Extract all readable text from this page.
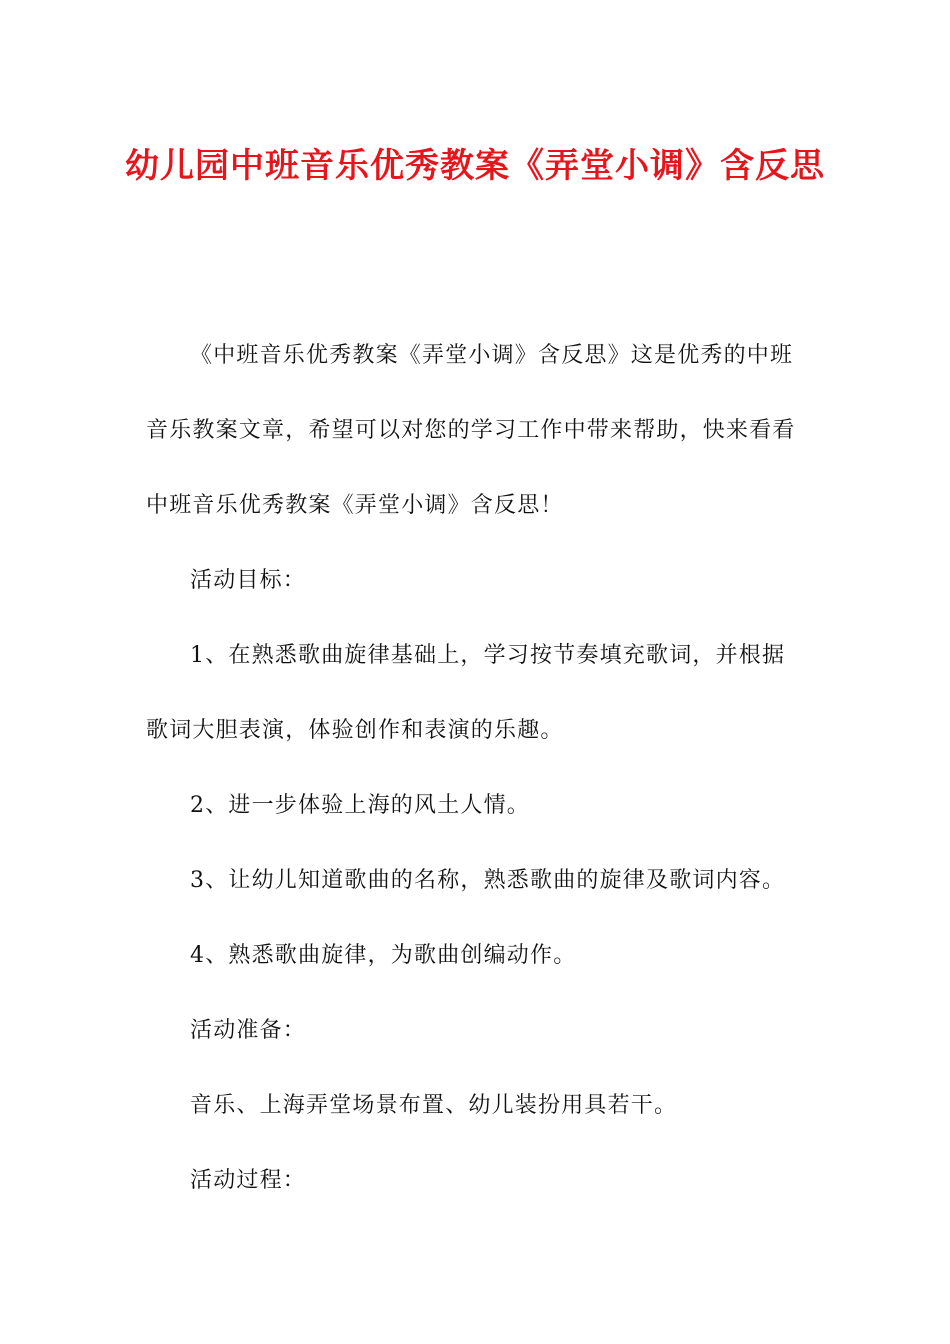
幼儿园中班音乐优秀教案《弄堂小调》含反思

《中班音乐优秀教案《弄堂小调》含反思》这是优秀的中班音乐教案文章，希望可以对您的学习工作中带来帮助，快来看看中班音乐优秀教案《弄堂小调》含反思！

活动目标：

1、在熟悉歌曲旋律基础上，学习按节奏填充歌词，并根据歌词大胆表演，体验创作和表演的乐趣。

2、进一步体验上海的风土人情。

3、让幼儿知道歌曲的名称，熟悉歌曲的旋律及歌词内容。

4、熟悉歌曲旋律，为歌曲创编动作。

活动准备：

音乐、上海弄堂场景布置、幼儿装扮用具若干。

活动过程：
